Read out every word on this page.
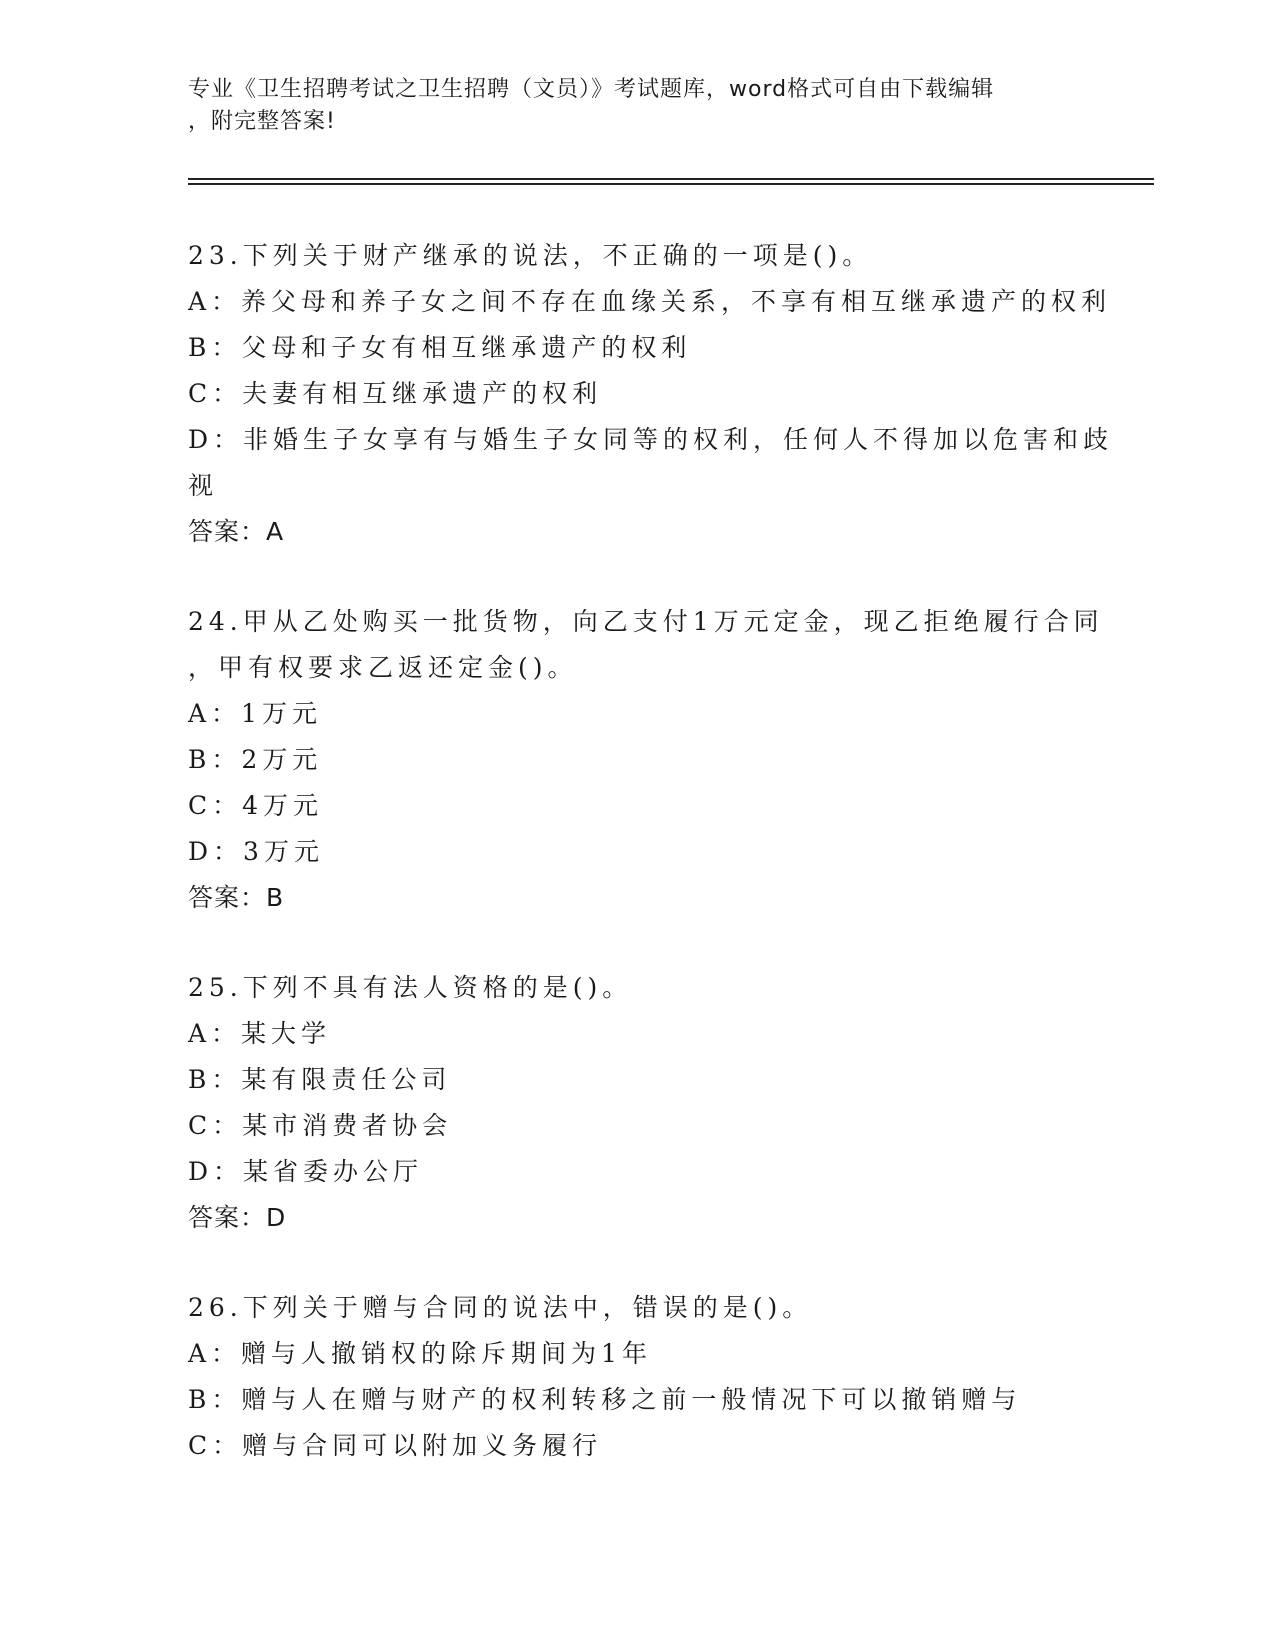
专业《卫生招聘考试之卫生招聘（文员）》考试题库，word格式可自由下载编辑
，附完整答案!
23.下列关于财产继承的说法，不正确的一项是()。
A：养父母和养子女之间不存在血缘关系，不享有相互继承遗产的权利
B：父母和子女有相互继承遗产的权利
C：夫妻有相互继承遗产的权利
D：非婚生子女享有与婚生子女同等的权利，任何人不得加以危害和歧
视
答案：A
24.甲从乙处购买一批货物，向乙支付1万元定金，现乙拒绝履行合同
，甲有权要求乙返还定金()。
A：1万元
B：2万元
C：4万元
D：3万元
答案：B
25.下列不具有法人资格的是()。
A：某大学
B：某有限责任公司
C：某市消费者协会
D：某省委办公厅
答案：D
26.下列关于赠与合同的说法中，错误的是()。
A：赠与人撤销权的除斥期间为1年
B：赠与人在赠与财产的权利转移之前一般情况下可以撤销赠与
C：赠与合同可以附加义务履行
